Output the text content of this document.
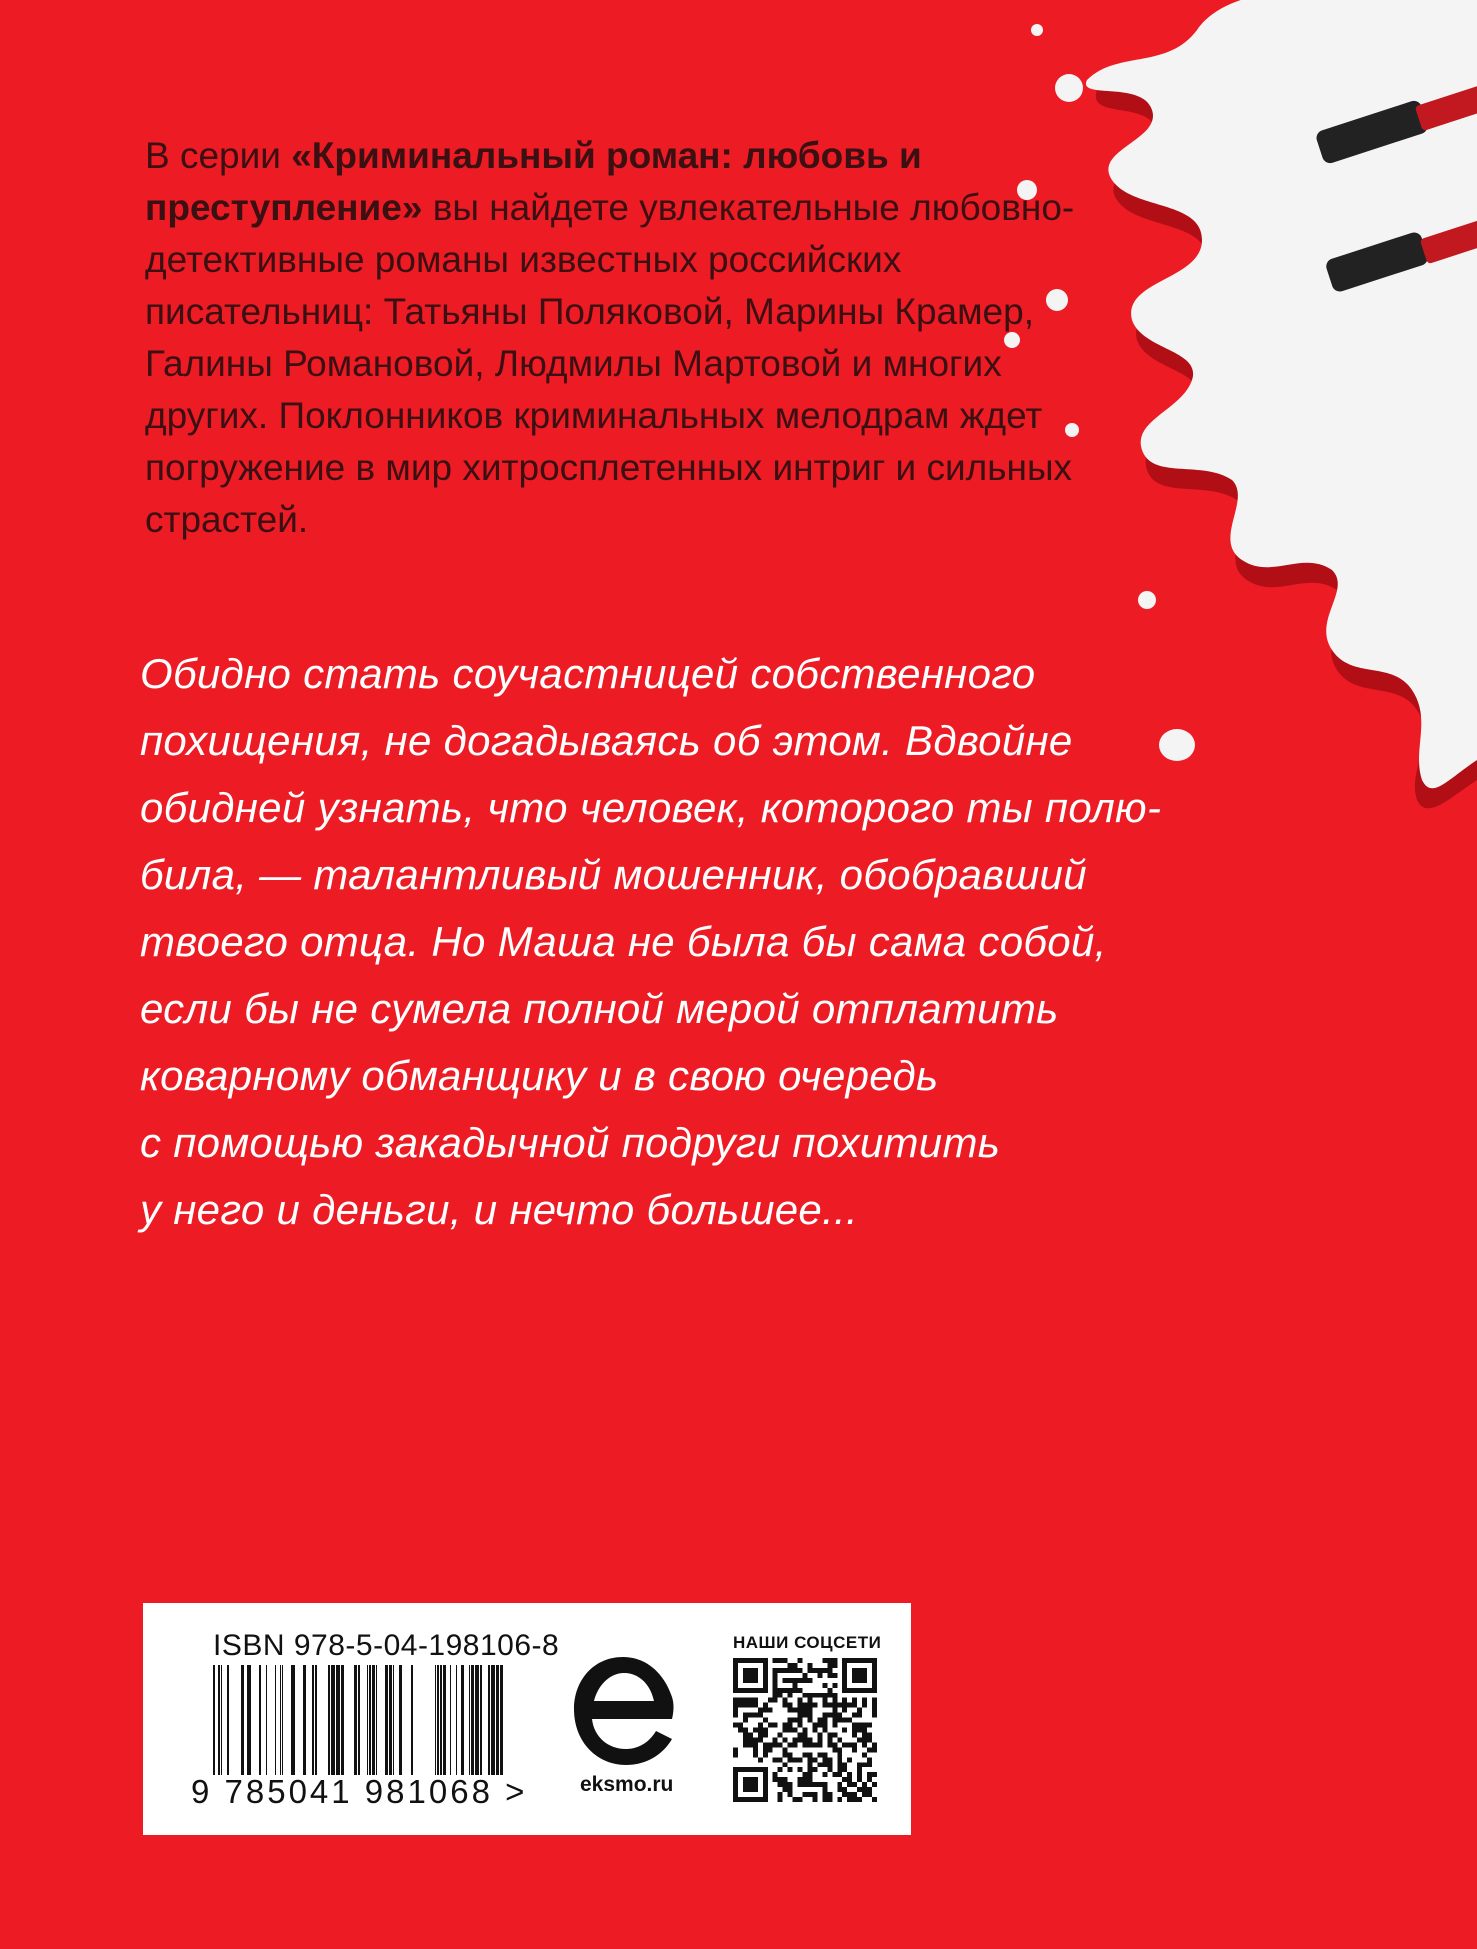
В серии «Криминальный роман: любовь и преступление» вы найдете увлекательные любовно-детективные романы известных российских писательниц: Татьяны Поляковой, Марины Крамер, Галины Романовой, Людмилы Мартовой и многих других. Поклонников криминальных мелодрам ждет погружение в мир хитросплетенных интриг и сильных страстей.

Обидно стать соучастницей собственного
похищения, не догадываясь об этом. Вдвойне
обидней узнать, что человек, которого ты полю-
била, — талантливый мошенник, обобравший
твоего отца. Но Маша не была бы сама собой,
если бы не сумела полной мерой отплатить
коварному обманщику и в свою очередь
с помощью закадычной подруги похитить
у него и деньги, и нечто большее...
ISBN 978-5-04-198106-8
9 785041 981068 >	eksmo.ru
НАШИ СОЦСЕТИ
